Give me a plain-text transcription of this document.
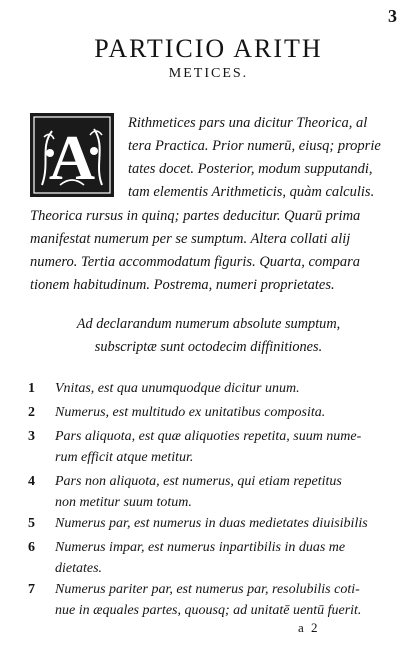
3
PARTICIO ARITH
METICES.
A Rithmetices pars una dicitur Theorica, al
tera Practica. Prior numerū, eiusq; proprie
tates docet. Posterior, modum supputandi,
tam elementis Arithmeticis, quàm calculis.
Theorica rursus in quinq; partes deducitur. Quarū prima
manifestat numerum per se sumptum. Altera collati alij
numero. Tertia accommodatum figuris. Quarta, compara
tionem habitudinum. Postrema, numeri proprietates.
Ad declarandum numerum absolute sumptum,
subscriptæ sunt octodecim diffinitiones.
1 Vnitas, est qua unumquodque dicitur unum.
2 Numerus, est multitudo ex unitatibus composita.
3 Pars aliquota, est quæ aliquoties repetita, suum nume-
rum efficit atque metitur.
4 Pars non aliquota, est numerus, qui etiam repetitus
non metitur suum totum.
5 Numerus par, est numerus in duas medietates diuisibilis
6 Numerus impar, est numerus inpartibilis in duas me
dietates.
7 Numerus pariter par, est numerus par, resolubilis coti-
nue in æquales partes, quousq; ad unitatē uentū fuerit.
a 2
